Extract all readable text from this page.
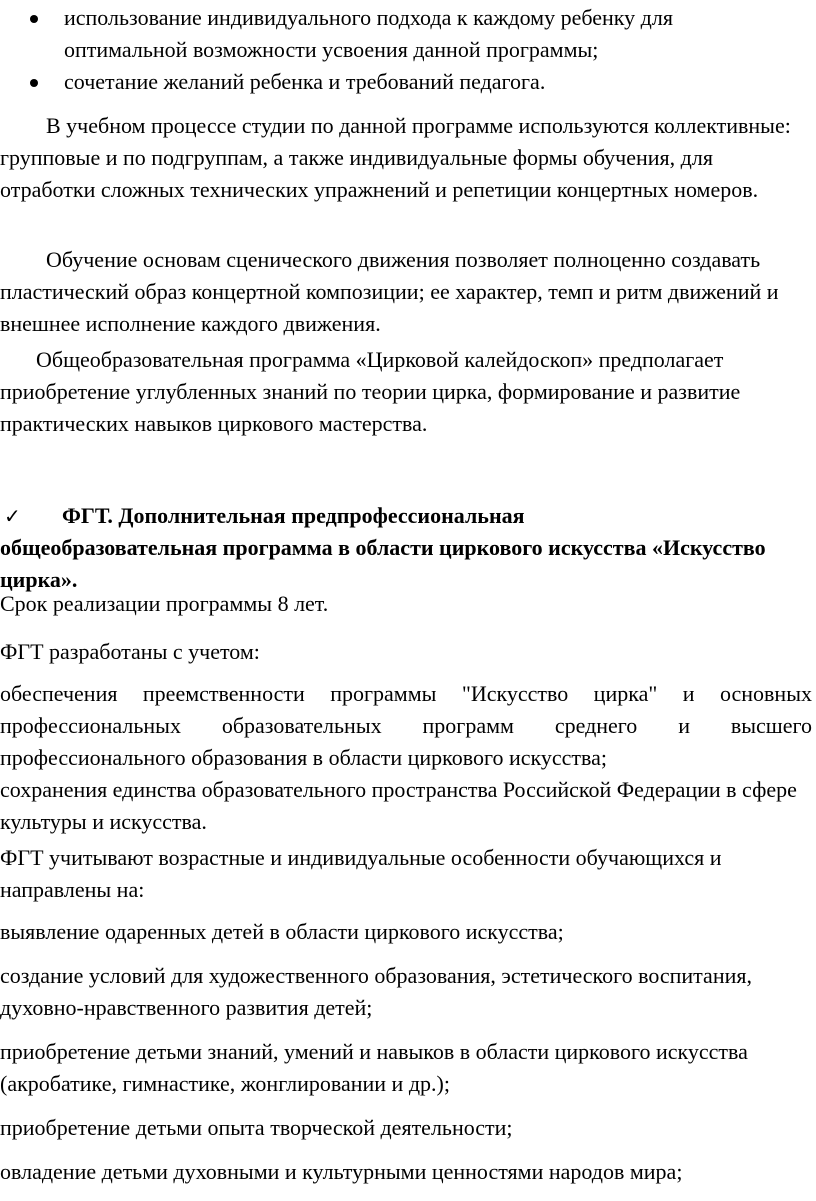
использование индивидуального подхода к каждому ребенку для оптимальной возможности усвоения данной программы;
сочетание желаний ребенка и требований педагога.

В учебном процессе студии по данной программе используются коллективные: групповые и по подгруппам, а также индивидуальные формы обучения, для отработки сложных технических упражнений и репетиции концертных номеров.

Обучение основам сценического движения позволяет полноценно создавать пластический образ концертной композиции; ее характер, темп и ритм движений и внешнее исполнение каждого движения.

Общеобразовательная программа «Цирковой калейдоскоп» предполагает приобретение углубленных знаний по теории цирка, формирование и развитие практических навыков циркового мастерства.

✓	ФГТ. Дополнительная предпрофессиональная
общеобразовательная программа в области циркового искусства «Искусство цирка».

Срок реализации программы 8 лет.

ФГТ разработаны с учетом:

обеспечения преемственности программы "Искусство цирка" и основных профессиональных образовательных программ среднего и высшего профессионального образования в области циркового искусства;

сохранения единства образовательного пространства Российской Федерации в сфере культуры и искусства.

ФГТ учитывают возрастные и индивидуальные особенности обучающихся и направлены на:

выявление одаренных детей в области циркового искусства;

создание условий для художественного образования, эстетического воспитания, духовно-нравственного развития детей;

приобретение детьми знаний, умений и навыков в области циркового искусства (акробатике, гимнастике, жонглировании и др.);

приобретение детьми опыта творческой деятельности;

овладение детьми духовными и культурными ценностями народов мира;
